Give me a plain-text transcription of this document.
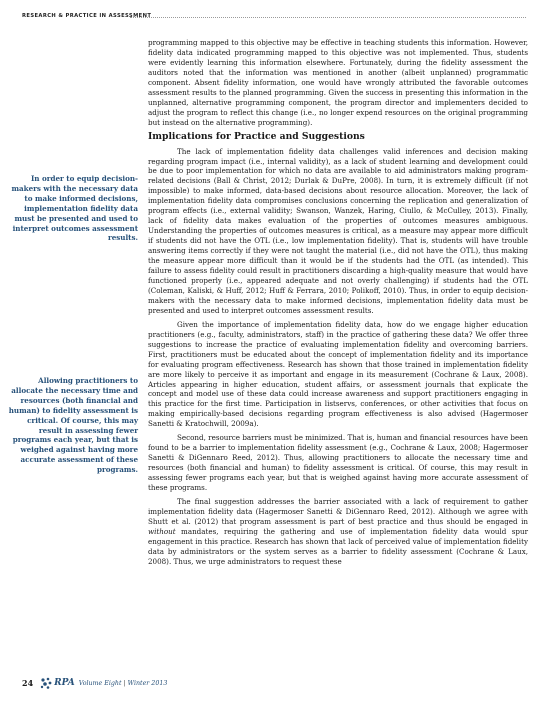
RESEARCH & PRACTICE IN ASSESSMENT
In order to equip decision-makers with the necessary data to make informed decisions, implementation fidelity data must be presented and used to interpret outcomes assessment results.
Allowing practitioners to allocate the necessary time and resources (both financial and human) to fidelity assessment is critical. Of course, this may result in assessing fewer programs each year, but that is weighed against having more accurate assessment of these programs.

programming mapped to this objective may be effective in teaching students this information. However, fidelity data indicated programming mapped to this objective was not implemented. Thus, students were evidently learning this information elsewhere. Fortunately, during the fidelity assessment the auditors noted that the information was mentioned in another (albeit unplanned) programmatic component. Absent fidelity information, one would have wrongly attributed the favorable outcomes assessment results to the planned programming. Given the success in presenting this information in the unplanned, alternative programming component, the program director and implementers decided to adjust the program to reflect this change (i.e., no longer expend resources on the original programming but instead on the alternative programming).

Implications for Practice and Suggestions

The lack of implementation fidelity data challenges valid inferences and decision making regarding program impact (i.e., internal validity), as a lack of student learning and development could be due to poor implementation for which no data are available to aid administrators making program-related decisions (Ball & Christ, 2012; Durlak & DuPre, 2008). In turn, it is extremely difficult (if not impossible) to make informed, data-based decisions about resource allocation. Moreover, the lack of implementation fidelity data compromises conclusions concerning the replication and generalization of program effects (i.e., external validity; Swanson, Wanzek, Haring, Ciullo, & McCulley, 2013). Finally, lack of fidelity data makes evaluation of the properties of outcomes measures ambiguous. Understanding the properties of outcomes measures is critical, as a measure may appear more difficult if students did not have the OTL (i.e., low implementation fidelity). That is, students will have trouble answering items correctly if they were not taught the material (i.e., did not have the OTL), thus making the measure appear more difficult than it would be if the students had the OTL (as intended). This failure to assess fidelity could result in practitioners discarding a high-quality measure that would have functioned properly (i.e., appeared adequate and not overly challenging) if students had the OTL (Coleman, Kaliski, & Huff, 2012; Huff & Ferrara, 2010; Polikoff, 2010). Thus, in order to equip decision-makers with the necessary data to make informed decisions, implementation fidelity data must be presented and used to interpret outcomes assessment results.

Given the importance of implementation fidelity data, how do we engage higher education practitioners (e.g., faculty, administrators, staff) in the practice of gathering these data? We offer three suggestions to increase the practice of evaluating implementation fidelity and overcoming barriers. First, practitioners must be educated about the concept of implementation fidelity and its importance for evaluating program effectiveness. Research has shown that those trained in implementation fidelity are more likely to perceive it as important and engage in its measurement (Cochrane & Laux, 2008). Articles appearing in higher education, student affairs, or assessment journals that explicate the concept and model use of these data could increase awareness and support practitioners engaging in this practice for the first time. Participation in listservs, conferences, or other activities that focus on making empirically-based decisions regarding program effectiveness is also advised (Hagermoser Sanetti & Kratochwill, 2009a).

Second, resource barriers must be minimized. That is, human and financial resources have been found to be a barrier to implementation fidelity assessment (e.g., Cochrane & Laux, 2008; Hagermoser Sanetti & DiGennaro Reed, 2012). Thus, allowing practitioners to allocate the necessary time and resources (both financial and human) to fidelity assessment is critical. Of course, this may result in assessing fewer programs each year, but that is weighed against having more accurate assessment of these programs.

The final suggestion addresses the barrier associated with a lack of requirement to gather implementation fidelity data (Hagermoser Sanetti & DiGennaro Reed, 2012). Although we agree with Shutt et al. (2012) that program assessment is part of best practice and thus should be engaged in without mandates, requiring the gathering and use of implementation fidelity data would spur engagement in this practice. Research has shown that lack of perceived value of implementation fidelity data by administrators or the system serves as a barrier to fidelity assessment (Cochrane & Laux, 2008). Thus, we urge administrators to request these

24 RPA Volume Eight | Winter 2013
